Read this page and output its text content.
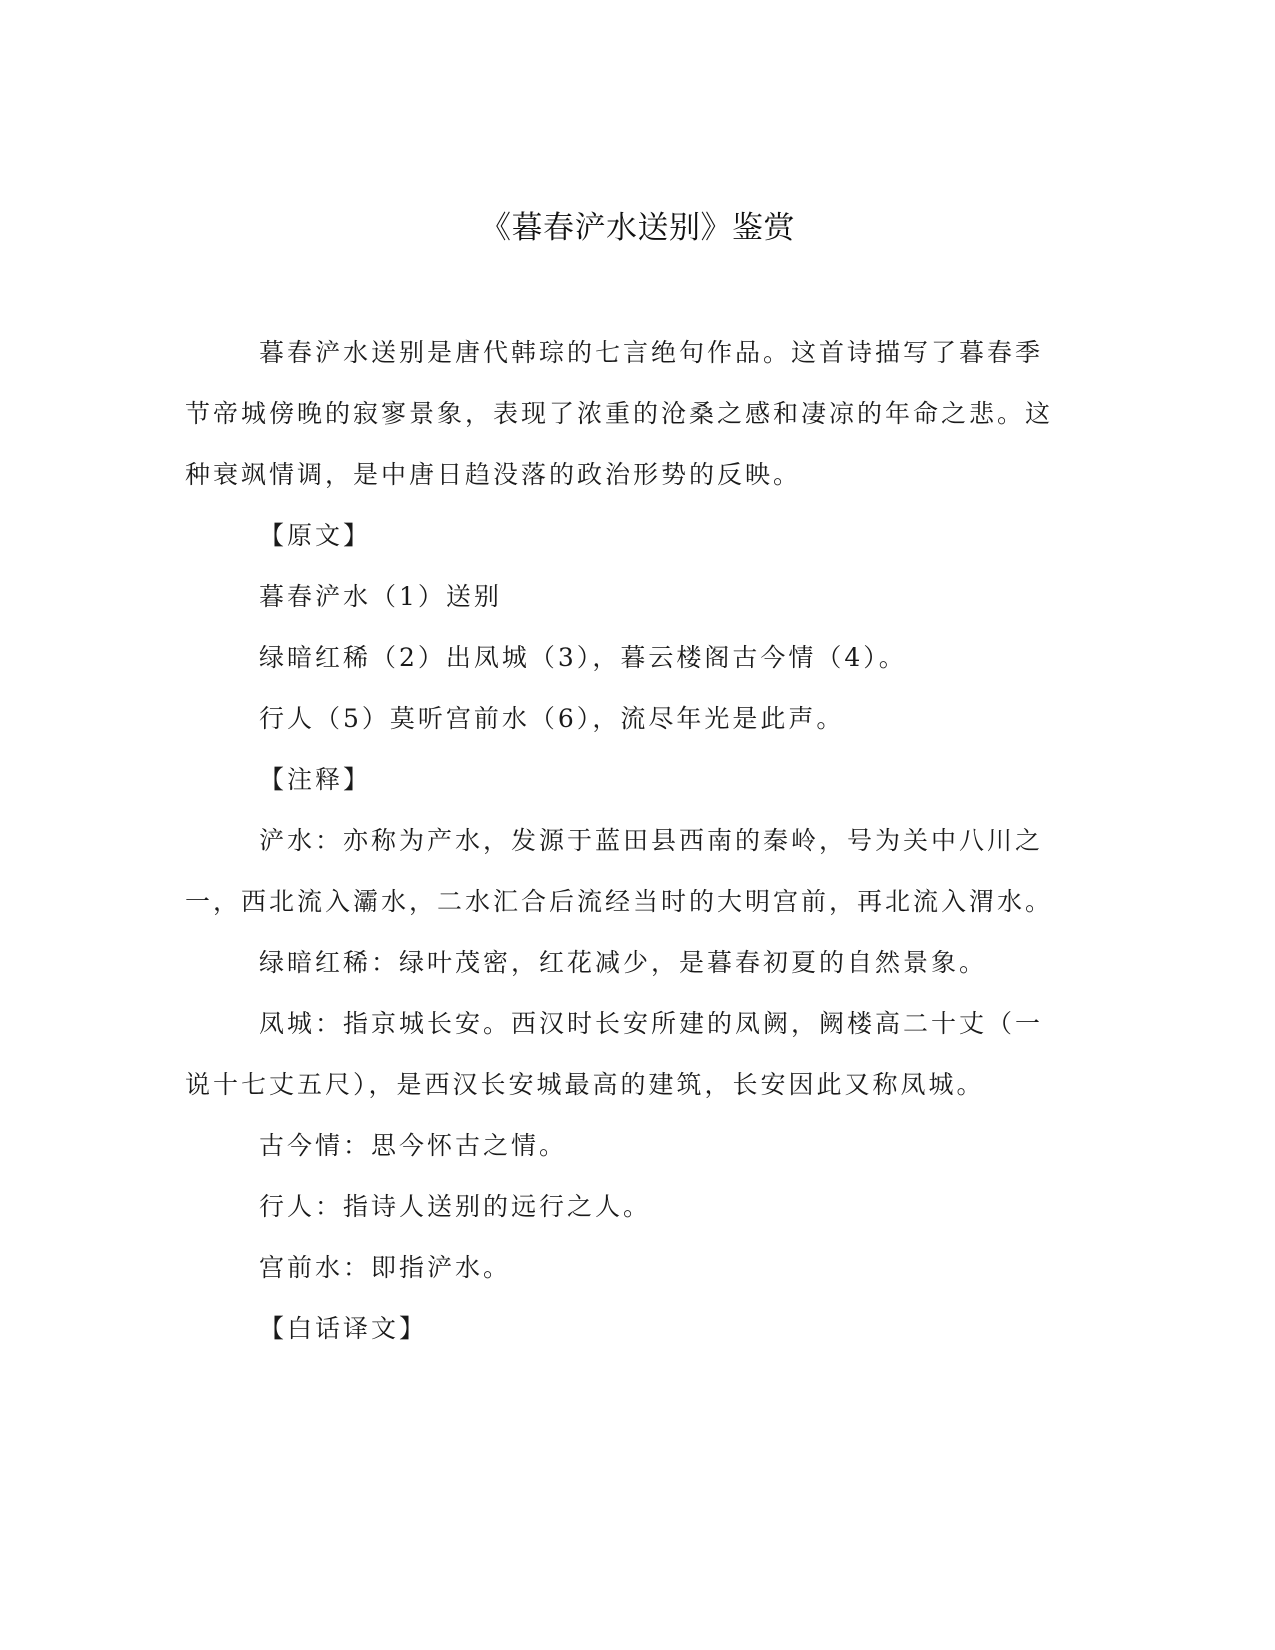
《暮春浐水送别》鉴赏

暮春浐水送别是唐代韩琮的七言绝句作品。这首诗描写了暮春季节帝城傍晚的寂寥景象，表现了浓重的沧桑之感和凄凉的年命之悲。这种衰飒情调，是中唐日趋没落的政治形势的反映。

【原文】

暮春浐水（1）送别

绿暗红稀（2）出凤城（3），暮云楼阁古今情（4）。

行人（5）莫听宫前水（6），流尽年光是此声。

【注释】

浐水：亦称为产水，发源于蓝田县西南的秦岭，号为关中八川之一，西北流入灞水，二水汇合后流经当时的大明宫前，再北流入渭水。

绿暗红稀：绿叶茂密，红花减少，是暮春初夏的自然景象。

凤城：指京城长安。西汉时长安所建的凤阙，阙楼高二十丈（一说十七丈五尺），是西汉长安城最高的建筑，长安因此又称凤城。

古今情：思今怀古之情。

行人：指诗人送别的远行之人。

宫前水：即指浐水。

【白话译文】
